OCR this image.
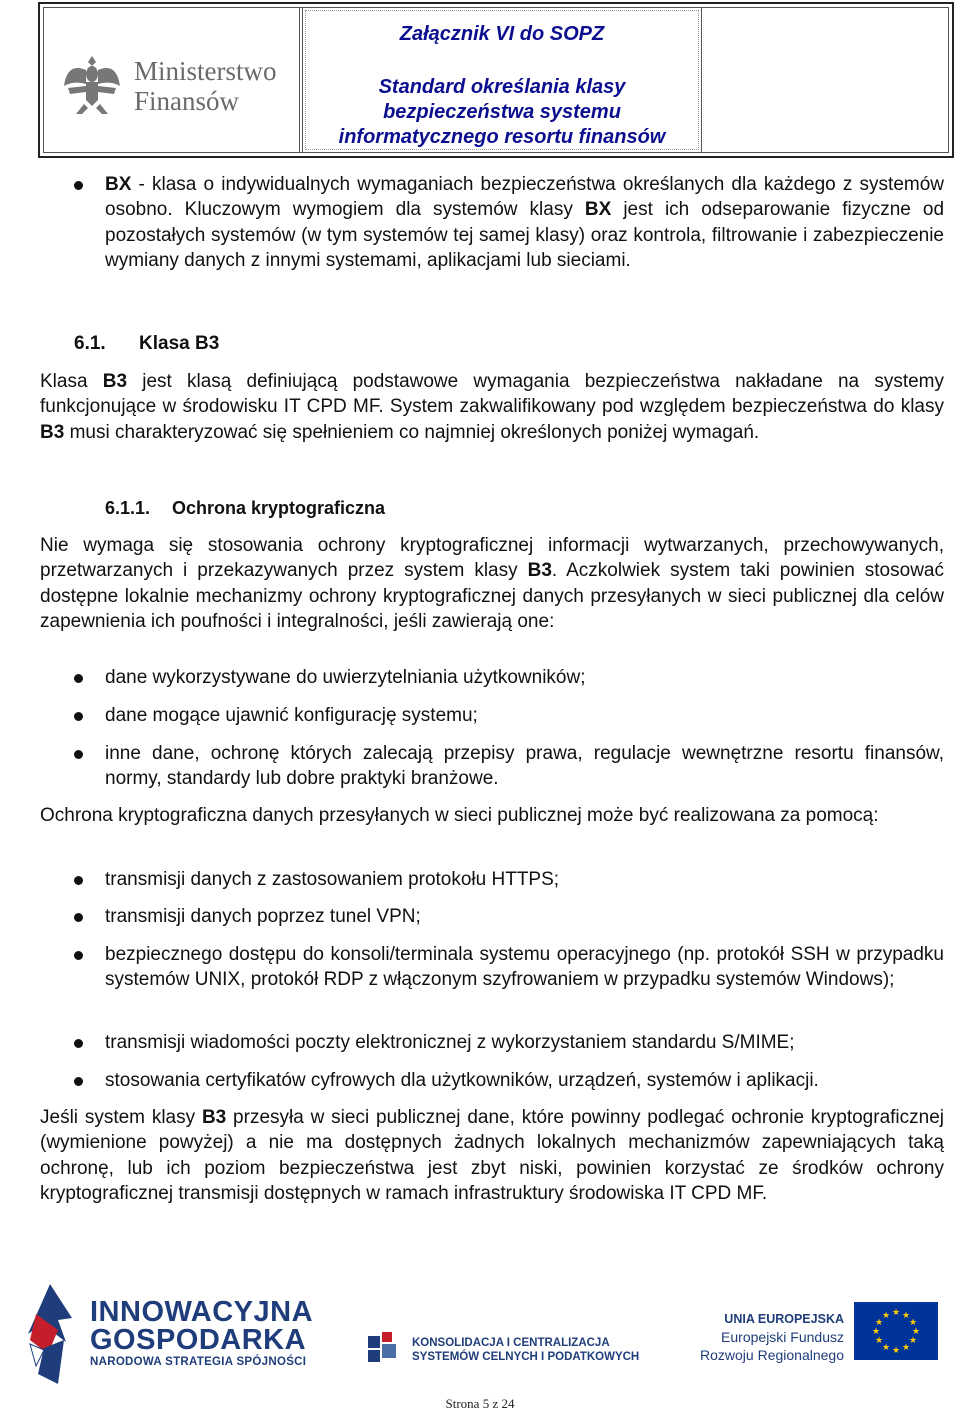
Ministerstwo
Finansów
Załącznik VI do SOPZ
Standard określania klasy
bezpieczeństwa systemu
informatycznego resortu finansów
BX - klasa o indywidualnych wymaganiach bezpieczeństwa określanych dla każdego z systemów osobno. Kluczowym wymogiem dla systemów klasy BX jest ich odseparowanie fizyczne od pozostałych systemów (w tym systemów tej samej klasy) oraz kontrola, filtrowanie i zabezpieczenie wymiany danych z innymi systemami, aplikacjami lub sieciami.
6.1. Klasa B3
Klasa B3 jest klasą definiującą podstawowe wymagania bezpieczeństwa nakładane na systemy funkcjonujące w środowisku IT CPD MF. System zakwalifikowany pod względem bezpieczeństwa do klasy B3 musi charakteryzować się spełnieniem co najmniej określonych poniżej wymagań.
6.1.1. Ochrona kryptograficzna
Nie wymaga się stosowania ochrony kryptograficznej informacji wytwarzanych, przechowywanych, przetwarzanych i przekazywanych przez system klasy B3. Aczkolwiek system taki powinien stosować dostępne lokalnie mechanizmy ochrony kryptograficznej danych przesyłanych w sieci publicznej dla celów zapewnienia ich poufności i integralności, jeśli zawierają one:
dane wykorzystywane do uwierzytelniania użytkowników;
dane mogące ujawnić konfigurację systemu;
inne dane, ochronę których zalecają przepisy prawa, regulacje wewnętrzne resortu finansów, normy, standardy lub dobre praktyki branżowe.
Ochrona kryptograficzna danych przesyłanych w sieci publicznej może być realizowana za pomocą:
transmisji danych z zastosowaniem protokołu HTTPS;
transmisji danych poprzez tunel VPN;
bezpiecznego dostępu do konsoli/terminala systemu operacyjnego (np. protokół SSH w przypadku systemów UNIX, protokół RDP z włączonym szyfrowaniem w przypadku systemów Windows);
transmisji wiadomości poczty elektronicznej z wykorzystaniem standardu S/MIME;
stosowania certyfikatów cyfrowych dla użytkowników, urządzeń, systemów i aplikacji.
Jeśli system klasy B3 przesyła w sieci publicznej dane, które powinny podlegać ochronie kryptograficznej (wymienione powyżej) a nie ma dostępnych żadnych lokalnych mechanizmów zapewniających taką ochronę, lub ich poziom bezpieczeństwa jest zbyt niski, powinien korzystać ze środków ochrony kryptograficznej transmisji dostępnych w ramach infrastruktury środowiska IT CPD MF.
INNOWACYJNA
GOSPODARKA
NARODOWA STRATEGIA SPÓJNOŚCI
KONSOLIDACJA I CENTRALIZACJA
SYSTEMÓW CELNYCH I PODATKOWYCH
UNIA EUROPEJSKA
Europejski Fundusz
Rozwoju Regionalnego
★ ★
★
★
★
★
★
★
★
★
★
★
Strona 5 z 24
